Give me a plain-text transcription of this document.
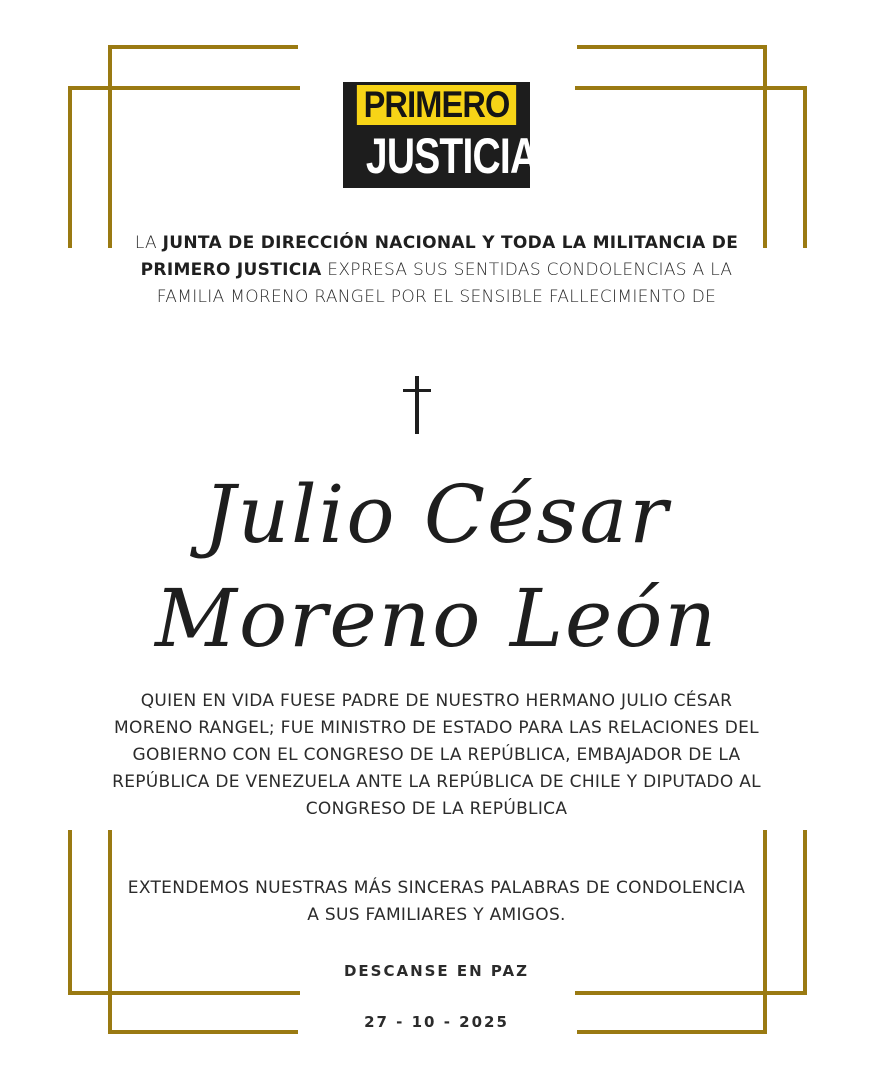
PRIMERO
JUSTICIA
LA JUNTA DE DIRECCIÓN NACIONAL Y TODA LA MILITANCIA DE PRIMERO JUSTICIA EXPRESA SUS SENTIDAS CONDOLENCIAS A LA FAMILIA MORENO RANGEL POR EL SENSIBLE FALLECIMIENTO DE
Julio César
Moreno León
QUIEN EN VIDA FUESE PADRE DE NUESTRO HERMANO JULIO CÉSAR MORENO RANGEL; FUE MINISTRO DE ESTADO PARA LAS RELACIONES DEL GOBIERNO CON EL CONGRESO DE LA REPÚBLICA, EMBAJADOR DE LA REPÚBLICA DE VENEZUELA ANTE LA REPÚBLICA DE CHILE Y DIPUTADO AL CONGRESO DE LA REPÚBLICA
EXTENDEMOS NUESTRAS MÁS SINCERAS PALABRAS DE CONDOLENCIA A SUS FAMILIARES Y AMIGOS.
DESCANSE EN PAZ
27 - 10 - 2025
